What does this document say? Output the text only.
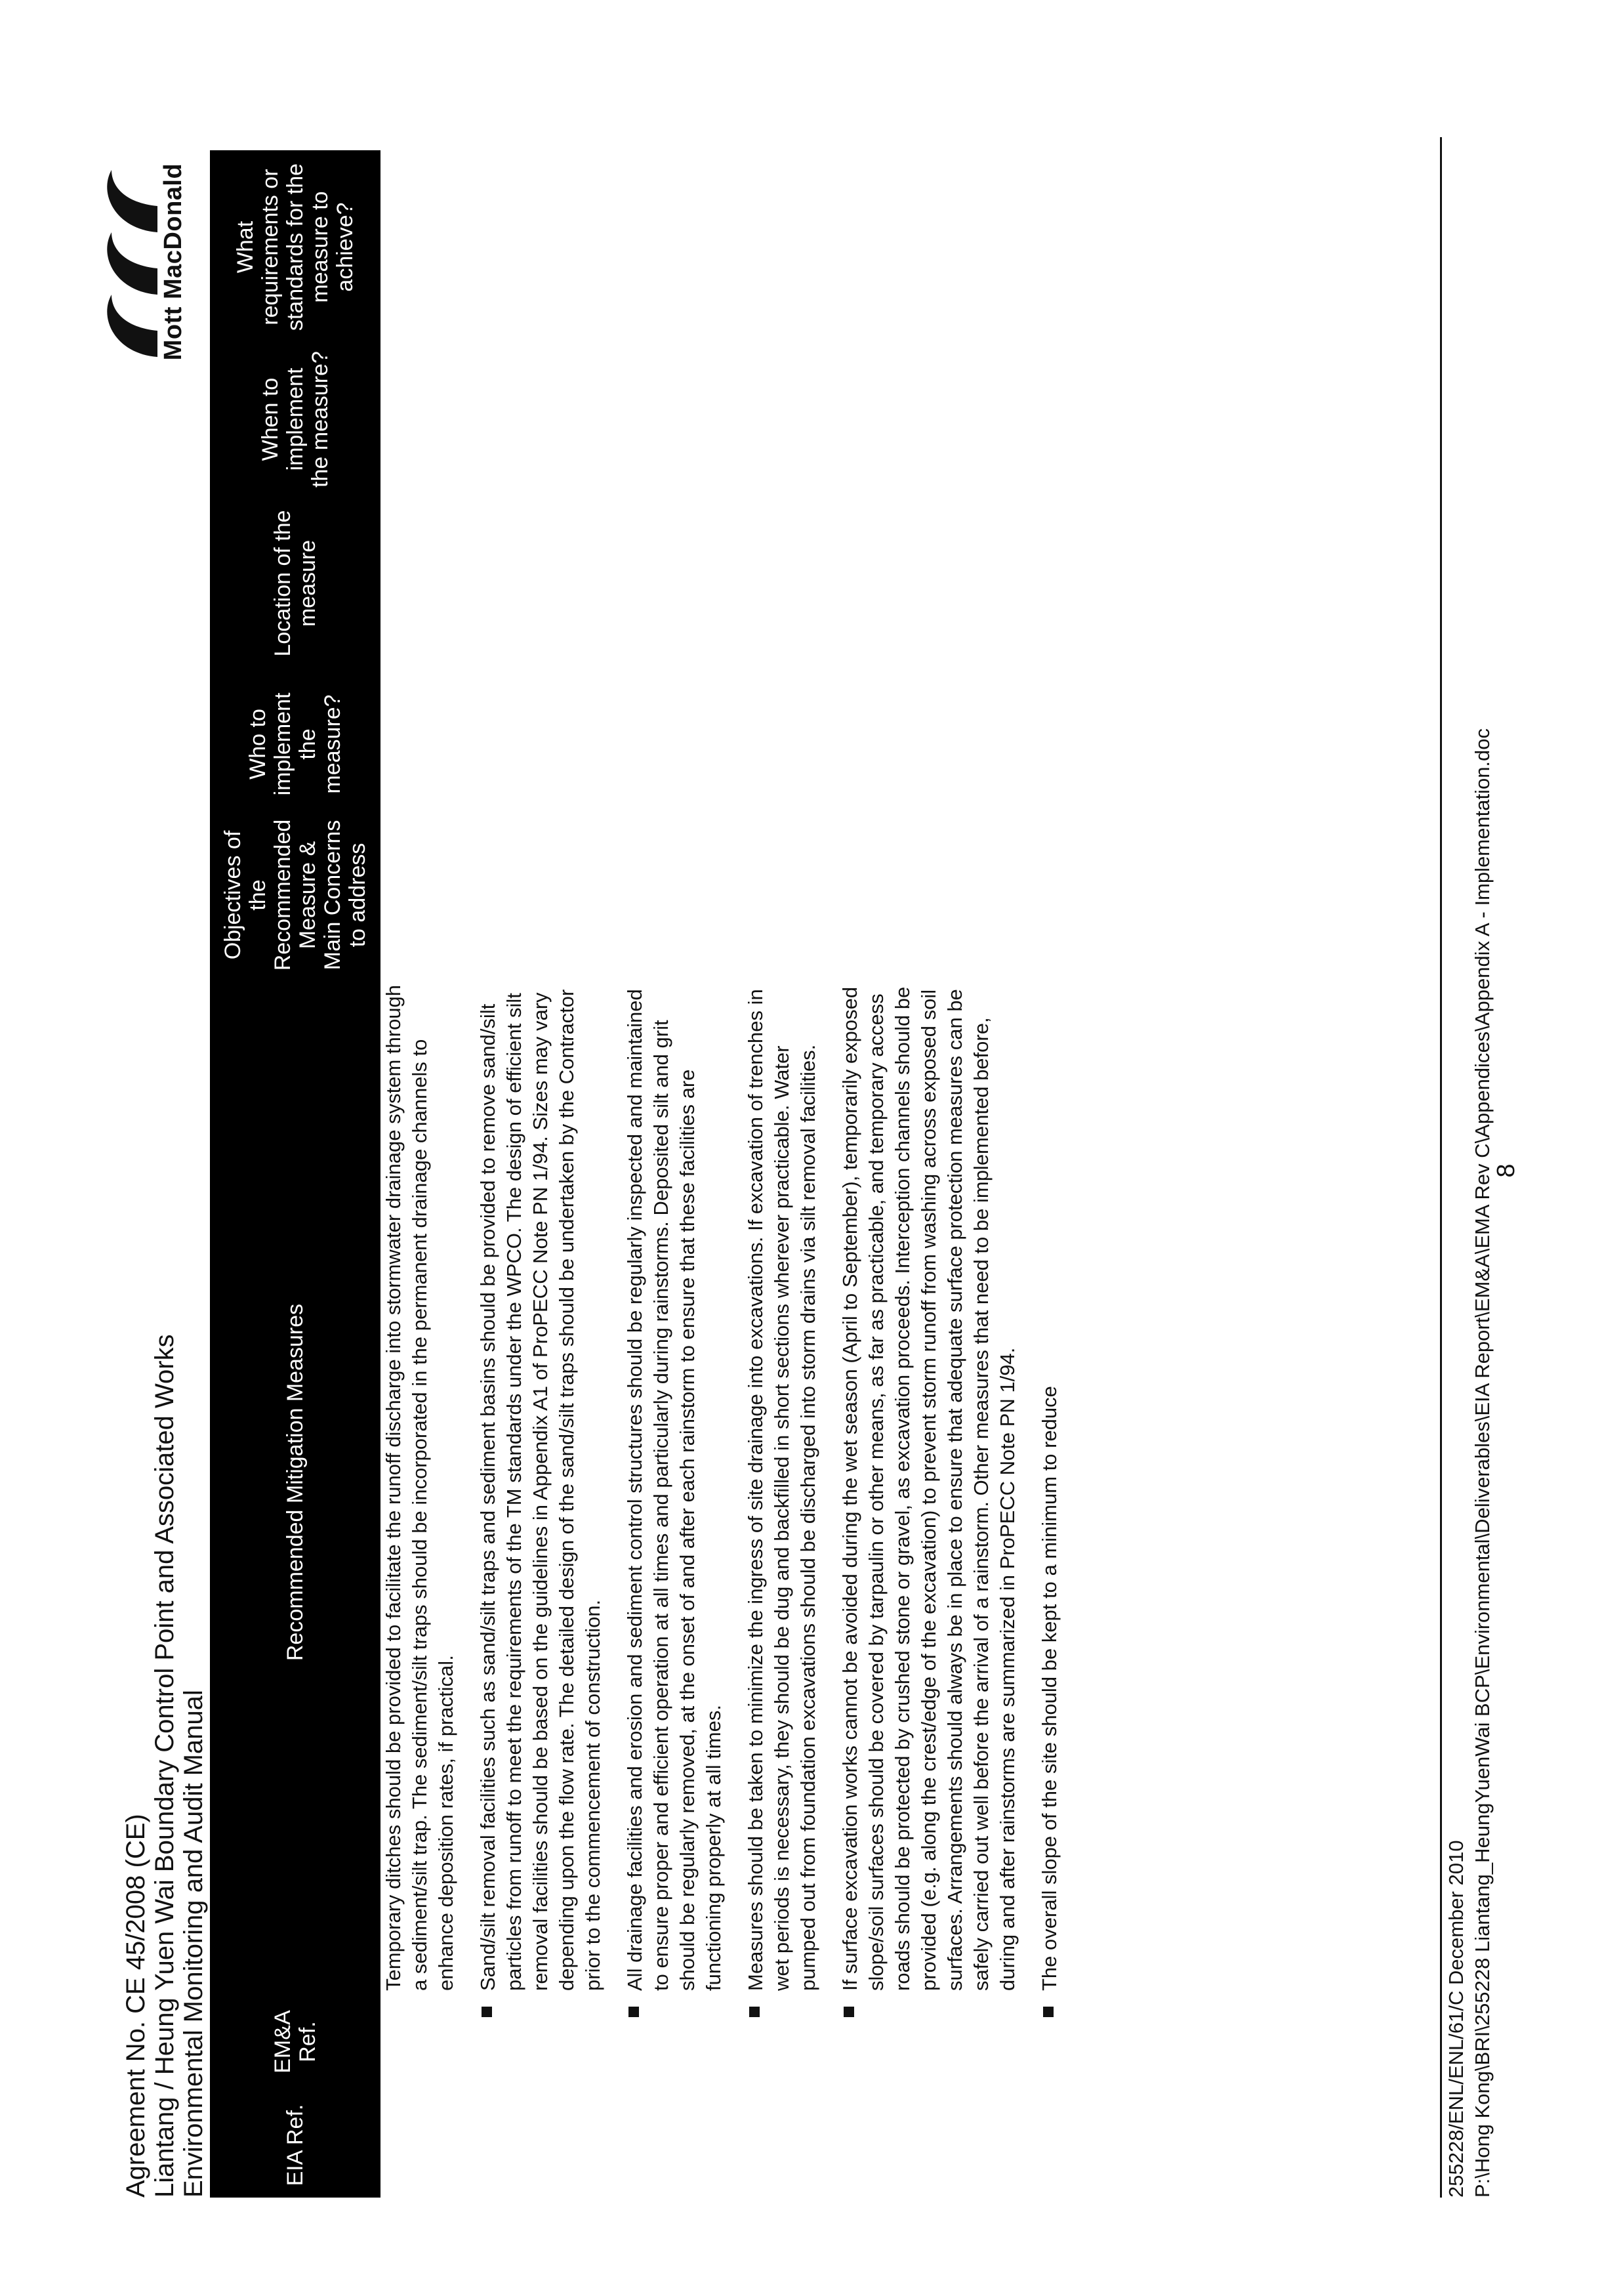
Agreement No. CE 45/2008 (CE) Liantang / Heung Yuen Wai Boundary Control Point and Associated Works Environmental Monitoring and Audit Manual
Mott MacDonald
EIA Ref.
EM&A Ref.
Recommended Mitigation Measures
Objectives of the Recommended Measure & Main Concerns to address
Who to implement the measure?
Location of the measure
When to implement the measure?
What requirements or standards for the measure to achieve?
Temporary ditches should be provided to facilitate the runoff discharge into stormwater drainage system through a sediment/silt trap. The sediment/silt traps should be incorporated in the permanent drainage channels to enhance deposition rates, if practical. Sand/silt removal facilities such as sand/silt traps and sediment basins should be provided to remove sand/silt particles from runoff to meet the requirements of the TM standards under the WPCO. The design of efficient silt removal facilities should be based on the guidelines in Appendix A1 of ProPECC Note PN 1/94. Sizes may vary depending upon the flow rate. The detailed design of the sand/silt traps should be undertaken by the Contractor prior to the commencement of construction. All drainage facilities and erosion and sediment control structures should be regularly inspected and maintained to ensure proper and efficient operation at all times and particularly during rainstorms. Deposited silt and grit should be regularly removed, at the onset of and after each rainstorm to ensure that these facilities are functioning properly at all times. Measures should be taken to minimize the ingress of site drainage into excavations. If excavation of trenches in wet periods is necessary, they should be dug and backfilled in short sections wherever practicable. Water pumped out from foundation excavations should be discharged into storm drains via silt removal facilities. If surface excavation works cannot be avoided during the wet season (April to September), temporarily exposed slope/soil surfaces should be covered by tarpaulin or other means, as far as practicable, and temporary access roads should be protected by crushed stone or gravel, as excavation proceeds. Interception channels should be provided (e.g. along the crest/edge of the excavation) to prevent storm runoff from washing across exposed soil surfaces. Arrangements should always be in place to ensure that adequate surface protection measures can be safely carried out well before the arrival of a rainstorm. Other measures that need to be implemented before, during and after rainstorms are summarized in ProPECC Note PN 1/94. The overall slope of the site should be kept to a minimum to reduce
255228/ENL/ENL/61/C December 2010 P:\Hong Kong\BRI\255228 Liantang_HeungYuenWai BCP\Environmental\Deliverables\EIA Report\EM&A\EMA Rev C\Appendices\Appendix A - Implementation.doc
8
